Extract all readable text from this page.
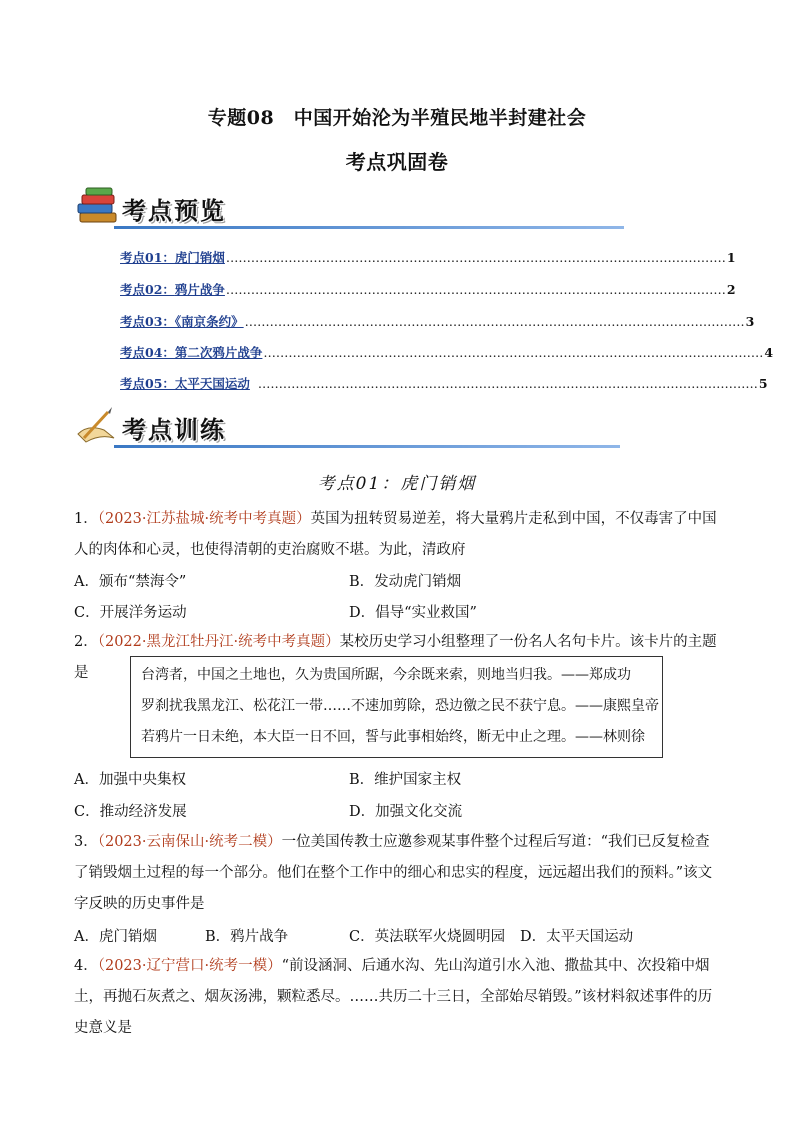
专题08　中国开始沦为半殖民地半封建社会
考点巩固卷
考点预览
考点01：虎门销烟 ………………………………………………………………………………………………………… 1
考点02：鸦片战争 ………………………………………………………………………………………………………… 2
考点03：《南京条约》 ………………………………………………………………………………………………………… 3
考点04：第二次鸦片战争 ………………………………………………………………………………………………………… 4
考点05：太平天国运动 ………………………………………………………………………………………………………… 5
考点训练
考点01：虎门销烟
1．（2023·江苏盐城·统考中考真题）英国为扭转贸易逆差，将大量鸦片走私到中国，不仅毒害了中国人的肉体和心灵，也使得清朝的吏治腐败不堪。为此，清政府
A．颁布“禁海令”	B．发动虎门销烟
C．开展洋务运动	D．倡导“实业救国”
2．（2022·黑龙江牡丹江·统考中考真题）某校历史学习小组整理了一份名人名句卡片。该卡片的主题是	台湾者，中国之土地也，久为贵国所踞，今余既来索，则地当归我。——郑成功
罗刹扰我黑龙江、松花江一带……不速加剪除，恐边徼之民不获宁息。——康熙皇帝
若鸦片一日未绝，本大臣一日不回，誓与此事相始终，断无中止之理。——林则徐
A．加强中央集权	B．维护国家主权
C．推动经济发展	D．加强文化交流
3．（2023·云南保山·统考二模）一位美国传教士应邀参观某事件整个过程后写道：“我们已反复检查了销毁烟土过程的每一个部分。他们在整个工作中的细心和忠实的程度，远远超出我们的预料。”该文字反映的历史事件是
A．虎门销烟	B．鸦片战争	C．英法联军火烧圆明园 D．太平天国运动
4．（2023·辽宁营口·统考一模）“前设涵洞、后通水沟、先山沟道引水入池、撒盐其中、次投箱中烟土，再抛石灰煮之、烟灰汤沸，颗粒悉尽。……共历二十三日，全部始尽销毁。”该材料叙述事件的历史意义是
